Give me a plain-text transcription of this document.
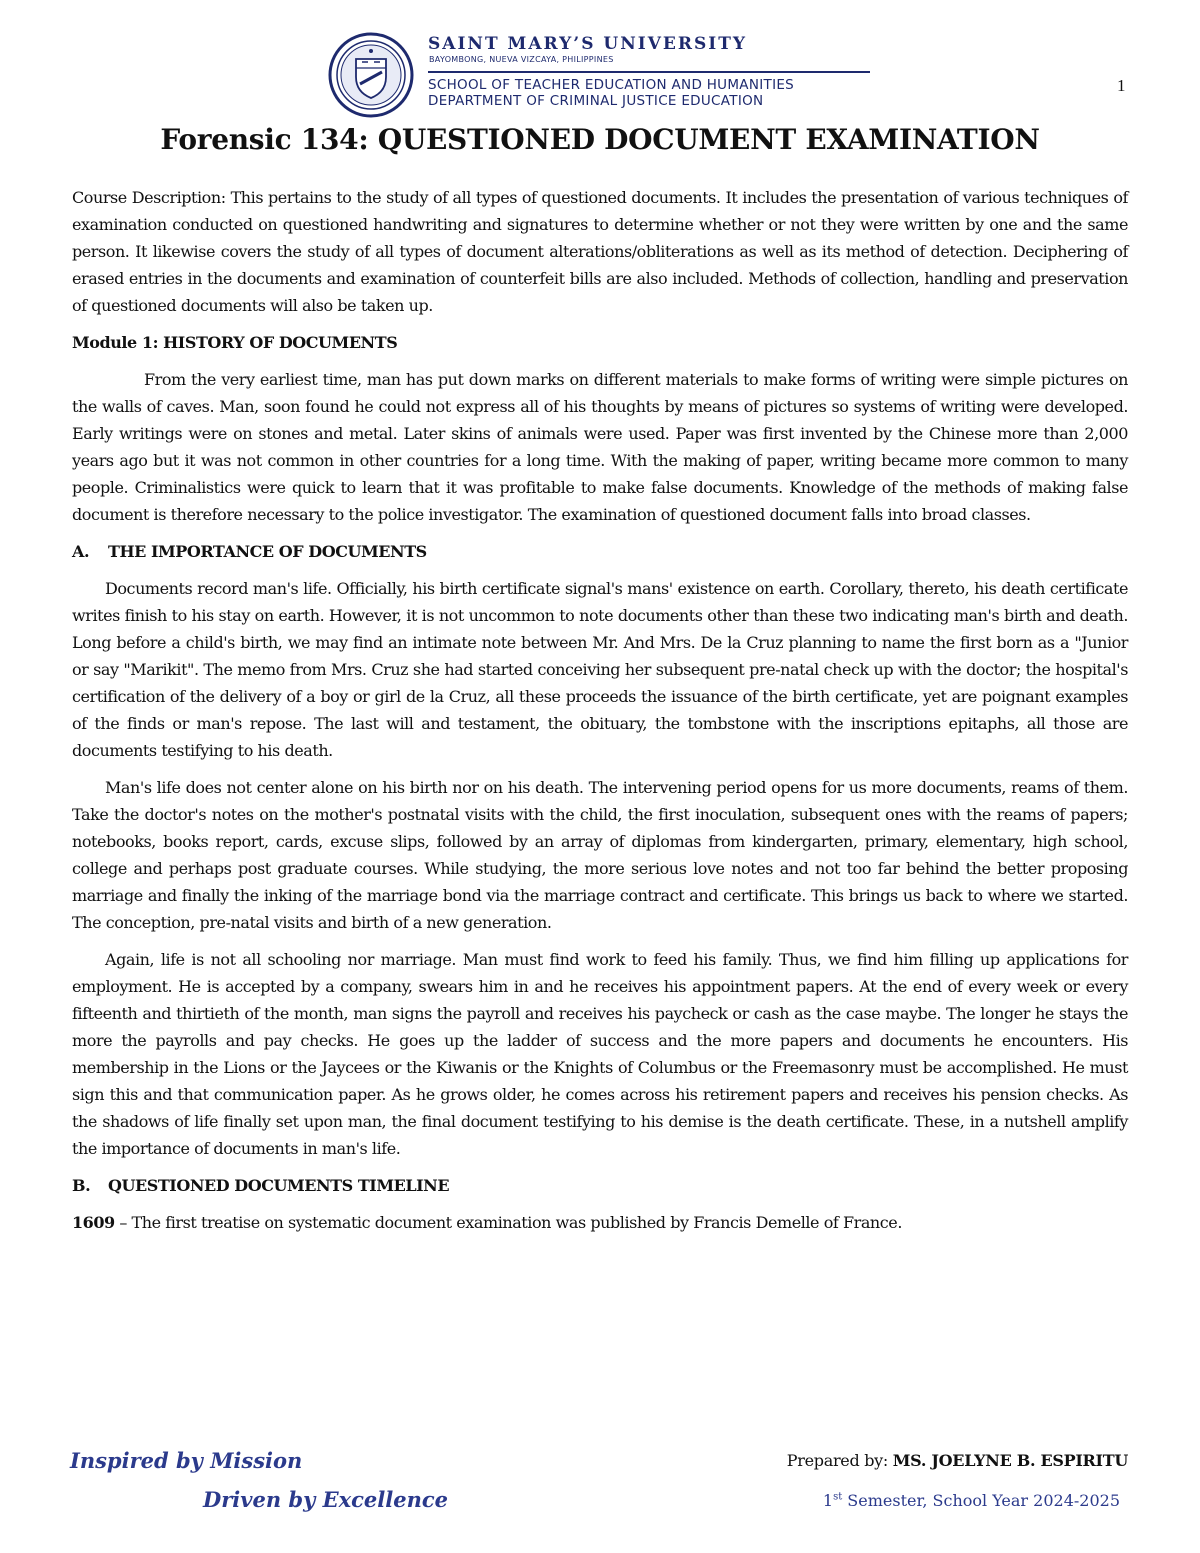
SAINT MARY’S UNIVERSITY
BAYOMBONG, NUEVA VIZCAYA, PHILIPPINES
SCHOOL OF TEACHER EDUCATION AND HUMANITIES
DEPARTMENT OF CRIMINAL JUSTICE EDUCATION
1
Forensic 134: QUESTIONED DOCUMENT EXAMINATION

Course Description: This pertains to the study of all types of questioned documents. It includes the presentation of various techniques of examination conducted on questioned handwriting and signatures to determine whether or not they were written by one and the same person. It likewise covers the study of all types of document alterations/obliterations as well as its method of detection. Deciphering of erased entries in the documents and examination of counterfeit bills are also included. Methods of collection, handling and preservation of questioned documents will also be taken up.

Module 1: HISTORY OF DOCUMENTS

From the very earliest time, man has put down marks on different materials to make forms of writing were simple pictures on the walls of caves. Man, soon found he could not express all of his thoughts by means of pictures so systems of writing were developed. Early writings were on stones and metal. Later skins of animals were used. Paper was first invented by the Chinese more than 2,000 years ago but it was not common in other countries for a long time. With the making of paper, writing became more common to many people. Criminalistics were quick to learn that it was profitable to make false documents. Knowledge of the methods of making false document is therefore necessary to the police investigator. The examination of questioned document falls into broad classes.

A. THE IMPORTANCE OF DOCUMENTS

Documents record man's life. Officially, his birth certificate signal's mans' existence on earth. Corollary, thereto, his death certificate writes finish to his stay on earth. However, it is not uncommon to note documents other than these two indicating man's birth and death. Long before a child's birth, we may find an intimate note between Mr. And Mrs. De la Cruz planning to name the first born as a "Junior or say "Marikit". The memo from Mrs. Cruz she had started conceiving her subsequent pre-natal check up with the doctor; the hospital's certification of the delivery of a boy or girl de la Cruz, all these proceeds the issuance of the birth certificate, yet are poignant examples of the finds or man's repose. The last will and testament, the obituary, the tombstone with the inscriptions epitaphs, all those are documents testifying to his death.

Man's life does not center alone on his birth nor on his death. The intervening period opens for us more documents, reams of them. Take the doctor's notes on the mother's postnatal visits with the child, the first inoculation, subsequent ones with the reams of papers; notebooks, books report, cards, excuse slips, followed by an array of diplomas from kindergarten, primary, elementary, high school, college and perhaps post graduate courses. While studying, the more serious love notes and not too far behind the better proposing marriage and finally the inking of the marriage bond via the marriage contract and certificate. This brings us back to where we started. The conception, pre-natal visits and birth of a new generation.

Again, life is not all schooling nor marriage. Man must find work to feed his family. Thus, we find him filling up applications for employment. He is accepted by a company, swears him in and he receives his appointment papers. At the end of every week or every fifteenth and thirtieth of the month, man signs the payroll and receives his paycheck or cash as the case maybe. The longer he stays the more the payrolls and pay checks. He goes up the ladder of success and the more papers and documents he encounters. His membership in the Lions or the Jaycees or the Kiwanis or the Knights of Columbus or the Freemasonry must be accomplished. He must sign this and that communication paper. As he grows older, he comes across his retirement papers and receives his pension checks. As the shadows of life finally set upon man, the final document testifying to his demise is the death certificate. These, in a nutshell amplify the importance of documents in man's life.

B. QUESTIONED DOCUMENTS TIMELINE

1609 – The first treatise on systematic document examination was published by Francis Demelle of France.

Inspired by Mission
Driven by Excellence
Prepared by: MS. JOELYNE B. ESPIRITU
1st Semester, School Year 2024-2025
